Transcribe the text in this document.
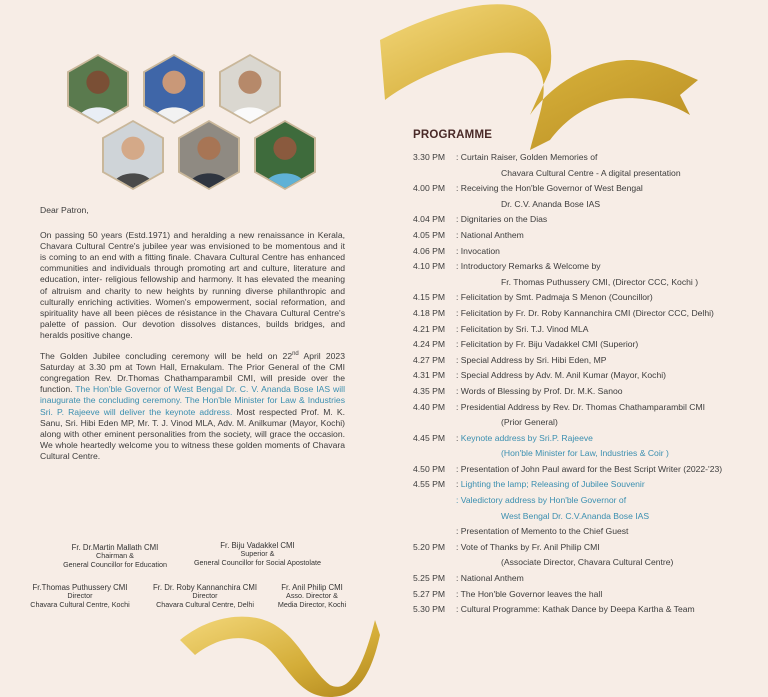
Dear Patron,

On passing 50 years (Estd.1971) and heralding a new renaissance in Kerala, Chavara Cultural Centre's jubilee year was envisioned to be momentous and it is coming to an end with a fitting finale. Chavara Cultural Centre has enhanced communities and individuals through promoting art and culture, literature and education, inter- religious fellowship and harmony. It has elevated the meaning of altruism and charity to new heights by running diverse philanthropic and culturally enriching activities. Women's empowerment, social reformation, and spirituality have all been pièces de résistance in the Chavara Cultural Centre's palette of passion. Our devotion dissolves distances, builds bridges, and heralds positive change.

The Golden Jubilee concluding ceremony will be held on 22nd April 2023 Saturday at 3.30 pm at Town Hall, Ernakulam. The Prior General of the CMI congregation Rev. Dr.Thomas Chathamparambil CMI, will preside over the function. The Hon'ble Governor of West Bengal Dr. C. V. Ananda Bose IAS will inaugurate the concluding ceremony. The Hon'ble Minister for Law & Industries Sri. P. Rajeeve will deliver the keynote address. Most respected Prof. M. K. Sanu, Sri. Hibi Eden MP, Mr. T. J. Vinod MLA, Adv. M. Anilkumar (Mayor, Kochi) along with other eminent personalities from the society, will grace the occasion. We whole heartedly welcome you to witness these golden moments of Chavara Cultural Centre.

Fr. Dr.Martin Mallath CMI
Chairman &
General Councillor for Education
Fr. Biju Vadakkel CMI
Superior &
General Councillor for Social Apostolate
Fr.Thomas Puthussery CMI
Director
Chavara Cultural Centre, Kochi
Fr. Dr. Roby Kannanchira CMI
Director
Chavara Cultural Centre, Delhi
Fr. Anil Philip CMI
Asso. Director &
Media Director, Kochi
PROGRAMME
3.30 PM	: Curtain Raiser, Golden Memories of
Chavara Cultural Centre - A digital presentation
4.00 PM	: Receiving the Hon'ble Governor of West Bengal
Dr. C.V. Ananda Bose IAS
4.04 PM	: Dignitaries on the Dias
4.05 PM	: National Anthem
4.06 PM	: Invocation
4.10 PM	: Introductory Remarks & Welcome by
Fr. Thomas Puthussery CMI, (Director CCC, Kochi )
4.15 PM	: Felicitation by Smt. Padmaja S Menon (Councillor)
4.18 PM	: Felicitation by Fr. Dr. Roby Kannanchira CMI (Director CCC, Delhi)
4.21 PM	: Felicitation by Sri. T.J. Vinod MLA
4.24 PM	: Felicitation by Fr. Biju Vadakkel CMI (Superior)
4.27 PM	: Special Address by Sri. Hibi Eden, MP
4.31 PM	: Special Address by Adv. M. Anil Kumar (Mayor, Kochi)
4.35 PM	: Words of Blessing by Prof. Dr. M.K. Sanoo
4.40 PM	: Presidential Address by Rev. Dr. Thomas Chathamparambil CMI
(Prior General)
4.45 PM	: Keynote address by Sri.P. Rajeeve
(Hon'ble Minister for Law, Industries & Coir )
4.50 PM	: Presentation of John Paul award for the Best Script Writer (2022-'23)
4.55 PM	: Lighting the lamp; Releasing of Jubilee Souvenir
: Valedictory address by Hon'ble Governor of
West Bengal Dr. C.V.Ananda Bose IAS
: Presentation of Memento to the Chief Guest
5.20 PM	: Vote of Thanks by Fr. Anil Philip CMI
(Associate Director, Chavara Cultural Centre)
5.25 PM	: National Anthem
5.27 PM	: The Hon'ble Governor leaves the hall
5.30 PM	: Cultural Programme: Kathak Dance by Deepa Kartha & Team
